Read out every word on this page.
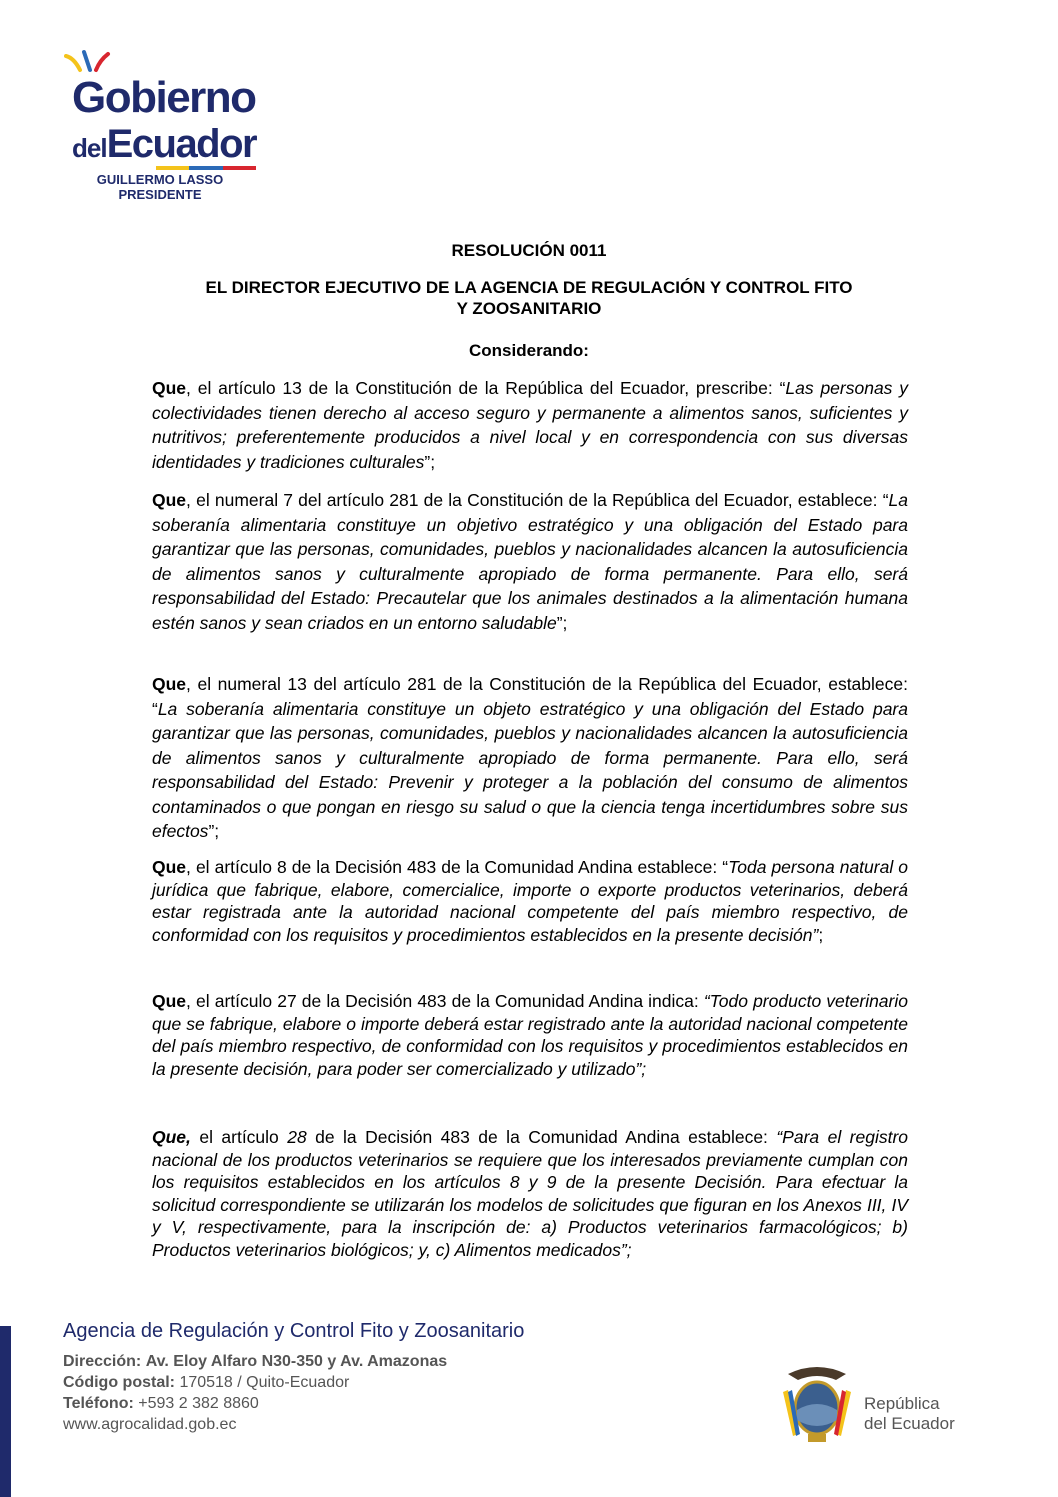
Gobierno
delEcuador
GUILLERMO LASSO
PRESIDENTE
RESOLUCIÓN 0011
EL DIRECTOR EJECUTIVO DE LA AGENCIA DE REGULACIÓN Y CONTROL FITO
Y ZOOSANITARIO
Considerando:

Que, el artículo 13 de la Constitución de la República del Ecuador, prescribe: “Las personas y colectividades tienen derecho al acceso seguro y permanente a alimentos sanos, suficientes y nutritivos; preferentemente producidos a nivel local y en correspondencia con sus diversas identidades y tradiciones culturales”;

Que, el numeral 7 del artículo 281 de la Constitución de la República del Ecuador, establece: “La soberanía alimentaria constituye un objetivo estratégico y una obligación del Estado para garantizar que las personas, comunidades, pueblos y nacionalidades alcancen la autosuficiencia de alimentos sanos y culturalmente apropiado de forma permanente. Para ello, será responsabilidad del Estado: Precautelar que los animales destinados a la alimentación humana estén sanos y sean criados en un entorno saludable”;

Que, el numeral 13 del artículo 281 de la Constitución de la República del Ecuador, establece: “La soberanía alimentaria constituye un objeto estratégico y una obligación del Estado para garantizar que las personas, comunidades, pueblos y nacionalidades alcancen la autosuficiencia de alimentos sanos y culturalmente apropiado de forma permanente. Para ello, será responsabilidad del Estado: Prevenir y proteger a la población del consumo de alimentos contaminados o que pongan en riesgo su salud o que la ciencia tenga incertidumbres sobre sus efectos”;

Que, el artículo 8 de la Decisión 483 de la Comunidad Andina establece: “Toda persona natural o jurídica que fabrique, elabore, comercialice, importe o exporte productos veterinarios, deberá estar registrada ante la autoridad nacional competente del país miembro respectivo, de conformidad con los requisitos y procedimientos establecidos en la presente decisión”;

Que, el artículo 27 de la Decisión 483 de la Comunidad Andina indica: “Todo producto veterinario que se fabrique, elabore o importe deberá estar registrado ante la autoridad nacional competente del país miembro respectivo, de conformidad con los requisitos y procedimientos establecidos en la presente decisión, para poder ser comercializado y utilizado”;

Que, el artículo 28 de la Decisión 483 de la Comunidad Andina establece: “Para el registro nacional de los productos veterinarios se requiere que los interesados previamente cumplan con los requisitos establecidos en los artículos 8 y 9 de la presente Decisión. Para efectuar la solicitud correspondiente se utilizarán los modelos de solicitudes que figuran en los Anexos III, IV y V, respectivamente, para la inscripción de: a) Productos veterinarios farmacológicos; b) Productos veterinarios biológicos; y, c) Alimentos medicados”;

Agencia de Regulación y Control Fito y Zoosanitario
Dirección: Av. Eloy Alfaro N30-350 y Av. Amazonas
Código postal: 170518 / Quito-Ecuador
Teléfono: +593 2 382 8860
www.agrocalidad.gob.ec
República
del Ecuador
